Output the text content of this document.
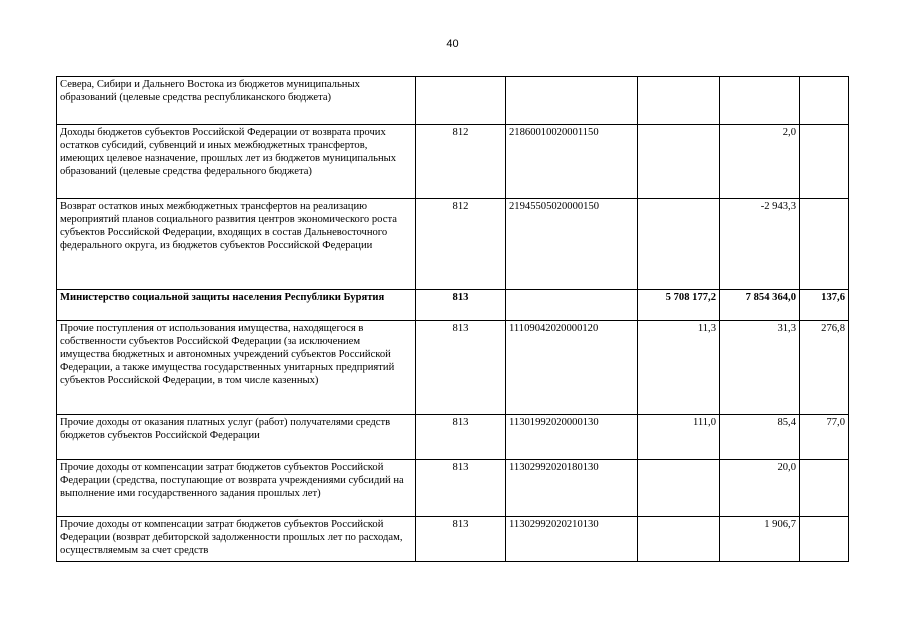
40
Севера, Сибири и Дальнего Востока из бюджетов муниципальных образований (целевые средства республиканского бюджета)					
Доходы бюджетов субъектов Российской Федерации от возврата прочих остатков субсидий, субвенций и иных межбюджетных трансфертов, имеющих целевое назначение, прошлых лет из бюджетов муниципальных образований (целевые средства федерального бюджета)	812	21860010020001150		2,0	
Возврат остатков иных межбюджетных трансфертов на реализацию мероприятий планов социального развития центров экономического роста субъектов Российской Федерации, входящих в состав Дальневосточного федерального округа, из бюджетов субъектов Российской Федерации	812	21945505020000150		-2 943,3	
Министерство социальной защиты населения Республики Бурятия	813		5 708 177,2	7 854 364,0	137,6
Прочие поступления от использования имущества, находящегося в собственности субъектов Российской Федерации (за исключением имущества бюджетных и автономных учреждений субъектов Российской Федерации, а также имущества государственных унитарных предприятий субъектов Российской Федерации, в том числе казенных)	813	11109042020000120	11,3	31,3	276,8
Прочие доходы от оказания платных услуг (работ) получателями средств бюджетов субъектов Российской Федерации	813	11301992020000130	111,0	85,4	77,0
Прочие доходы от компенсации затрат бюджетов субъектов Российской Федерации (средства, поступающие от возврата учреждениями субсидий на выполнение ими государственного задания прошлых лет)	813	11302992020180130		20,0	
Прочие доходы от компенсации затрат бюджетов субъектов Российской Федерации (возврат дебиторской задолженности прошлых лет по расходам, осуществляемым за счет средств	813	11302992020210130		1 906,7	
